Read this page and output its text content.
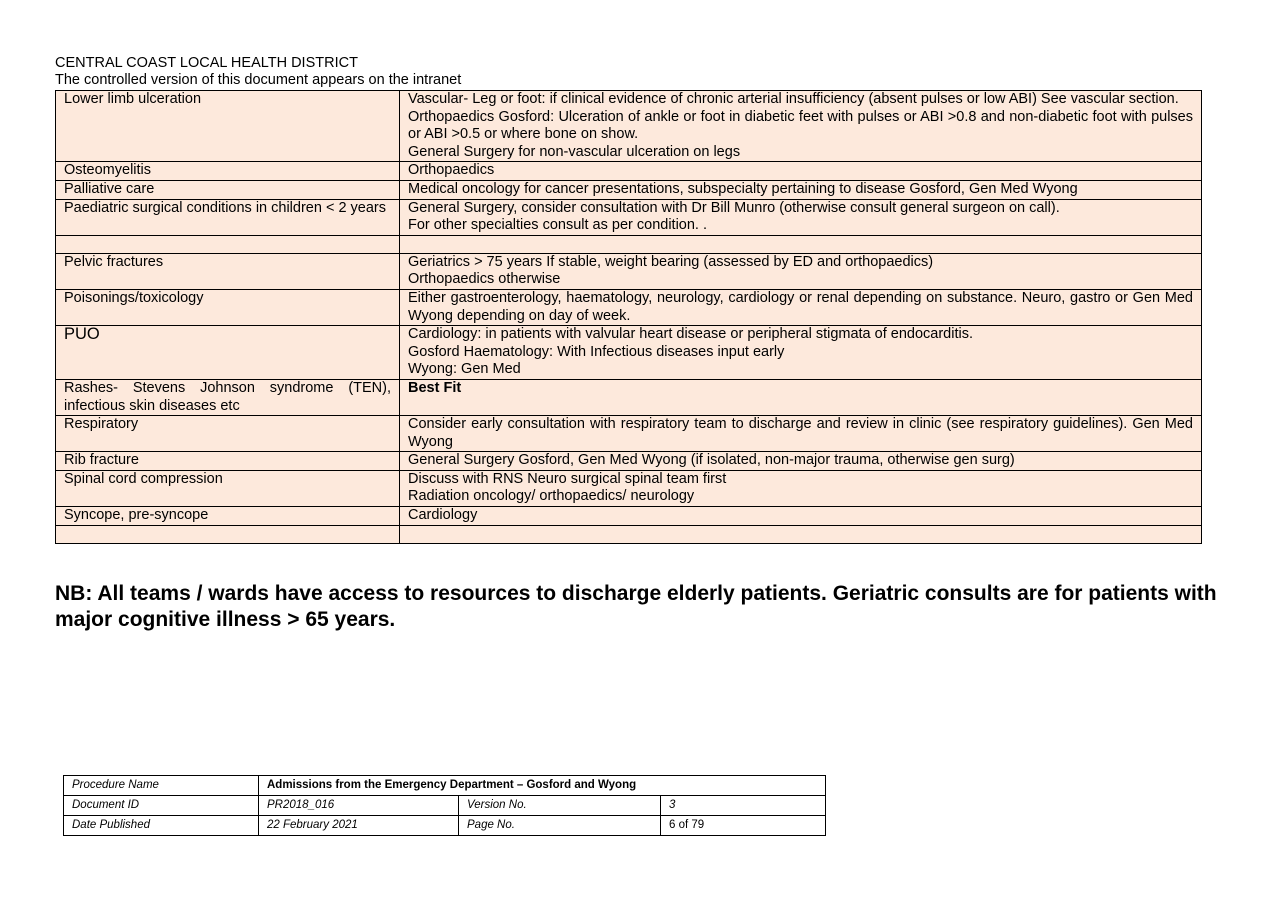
CENTRAL COAST LOCAL HEALTH DISTRICT
The controlled version of this document appears on the intranet
Lower limb ulceration	Vascular- Leg or foot: if clinical evidence of chronic arterial insufficiency (absent pulses or low ABI) See vascular section.
Orthopaedics Gosford: Ulceration of ankle or foot in diabetic feet with pulses or ABI >0.8 and non-diabetic foot with pulses or ABI >0.5 or where bone on show.
General Surgery for non-vascular ulceration on legs

Osteomyelitis	Orthopaedics

Palliative care	Medical oncology for cancer presentations, subspecialty pertaining to disease Gosford, Gen Med Wyong

Paediatric surgical conditions in children < 2 years	General Surgery, consider consultation with Dr Bill Munro (otherwise consult general surgeon on call).
For other specialties consult as per condition. .

Pelvic fractures	Geriatrics > 75 years If stable, weight bearing (assessed by ED and orthopaedics)
Orthopaedics otherwise

Poisonings/toxicology	Either gastroenterology, haematology, neurology, cardiology or renal depending on substance. Neuro, gastro or Gen Med Wyong depending on day of week.

PUO	Cardiology: in patients with valvular heart disease or peripheral stigmata of endocarditis.
Gosford Haematology: With Infectious diseases input early
Wyong: Gen Med

Rashes- Stevens Johnson syndrome (TEN), infectious skin diseases etc	Best Fit

Respiratory	Consider early consultation with respiratory team to discharge and review in clinic (see respiratory guidelines). Gen Med Wyong

Rib fracture	General Surgery Gosford, Gen Med Wyong (if isolated, non-major trauma, otherwise gen surg)

Spinal cord compression	Discuss with RNS Neuro surgical spinal team first
Radiation oncology/ orthopaedics/ neurology

Syncope, pre-syncope	Cardiology

NB: All teams / wards have access to resources to discharge elderly patients. Geriatric consults are for patients with major cognitive illness > 65 years.
Procedure Name	Admissions from the Emergency Department – Gosford and Wyong		
Document ID	PR2018_016	Version No.	3
Date Published	22 February 2021	Page No.	6 of 79
